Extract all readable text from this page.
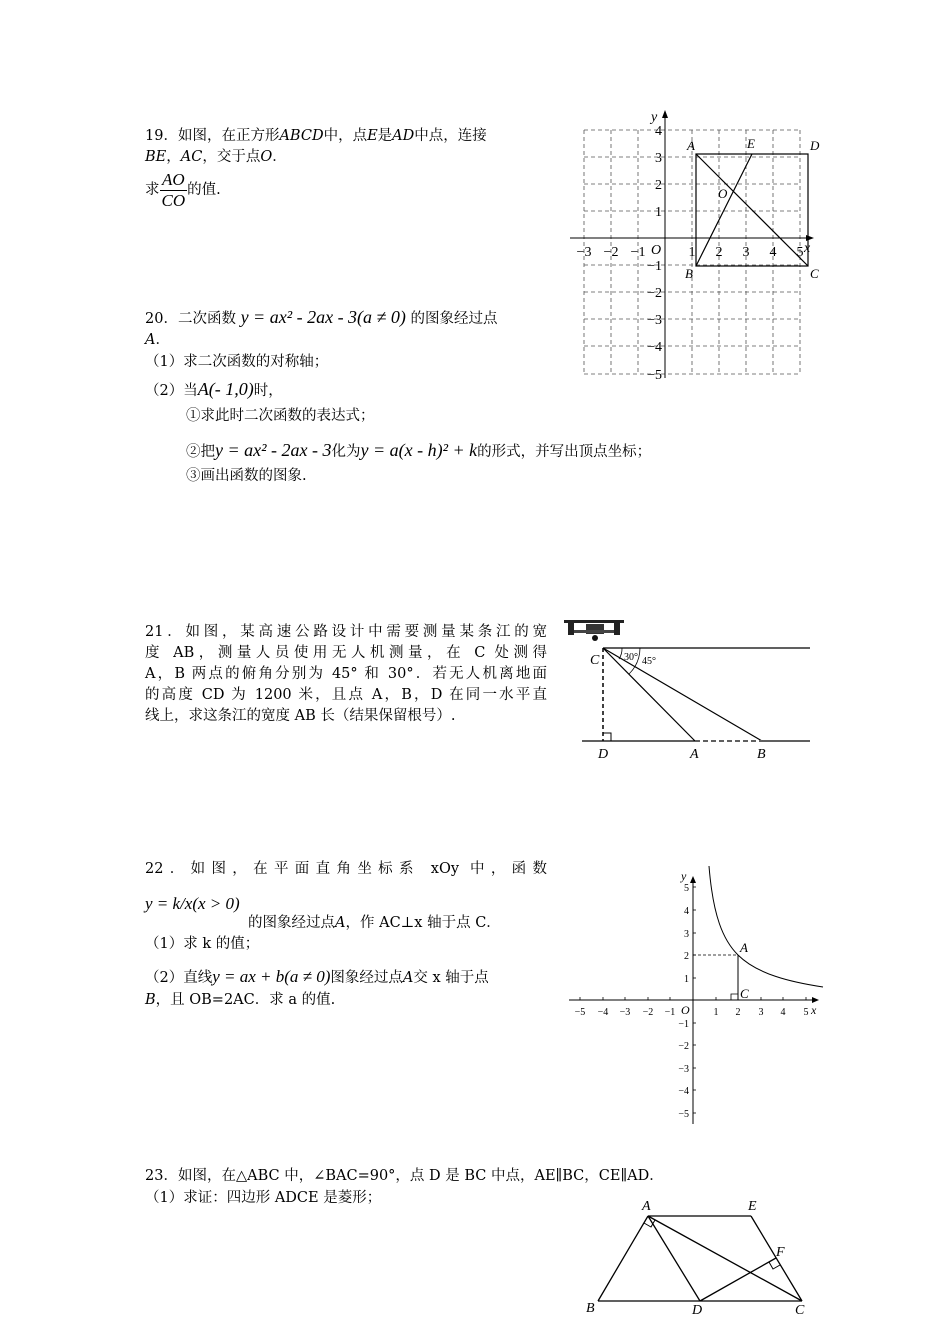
19．如图，在正方形ABCD中，点E是AD中点，连接
BE，AC，交于点O．
求 $\frac{AO}{CO}$ 的值.
20．二次函数 y = ax² - 2ax - 3(a ≠ 0) 的图象经过点
A．
（1）求二次函数的对称轴；
（2）当A(- 1,0)时，
①求此时二次函数的表达式；
②把y = ax² - 2ax - 3化为y = a(x - h)² + k的形式，并写出顶点坐标；
③画出函数的图象.
21．如图，某高速公路设计中需要测量某条江的宽
度 AB，测量人员使用无人机测量，在 C 处测得
A，B 两点的俯角分别为 45° 和 30°．若无人机离地面
的高度 CD 为 1200 米，且点 A，B，D 在同一水平直
线上，求这条江的宽度 AB 长（结果保留根号）.
22．如图，在平面直角坐标系 xOy 中，函数
y = k/x(x > 0)
的图象经过点A，作 AC⊥x 轴于点 C．
（1）求 k 的值；
（2）直线y = ax + b(a ≠ 0)图象经过点A交 x 轴于点
B，且 OB=2AC．求 a 的值.
23．如图，在△ABC 中，∠BAC=90°，点 D 是 BC 中点，AE∥BC，CE∥AD．
（1）求证：四边形 ADCE 是菱形；
y
x
O
−3 −2 −1	1 2 3 4 5
4
3
2
1
−1
−2
−3
−4
−5
A	E	D
B	C
O
30° 45°
C
D	A	B
−5 −4 −3 −2 −1	1 2 3 4 5
5
4
3
2
1
−1
−2
−3
−4
−5
y
x
O
A
C
A	E
F
B	D	C
